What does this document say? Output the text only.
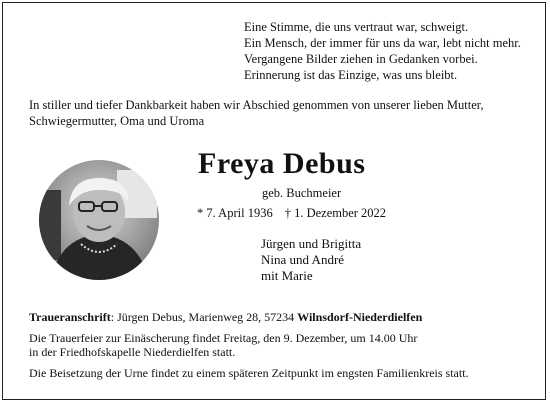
Eine Stimme, die uns vertraut war, schweigt.
Ein Mensch, der immer für uns da war, lebt nicht mehr.
Vergangene Bilder ziehen in Gedanken vorbei.
Erinnerung ist das Einzige, was uns bleibt.
In stiller und tiefer Dankbarkeit haben wir Abschied genommen von unserer lieben Mutter, Schwiegermutter, Oma und Uroma
Freya Debus
geb. Buchmeier
* 7. April 1936 † 1. Dezember 2022
Jürgen und Brigitta
Nina und André
mit Marie
Traueranschrift: Jürgen Debus, Marienweg 28, 57234 Wilnsdorf-Niederdielfen
Die Trauerfeier zur Einäscherung findet Freitag, den 9. Dezember, um 14.00 Uhr
in der Friedhofskapelle Niederdielfen statt.
Die Beisetzung der Urne findet zu einem späteren Zeitpunkt im engsten Familienkreis statt.
